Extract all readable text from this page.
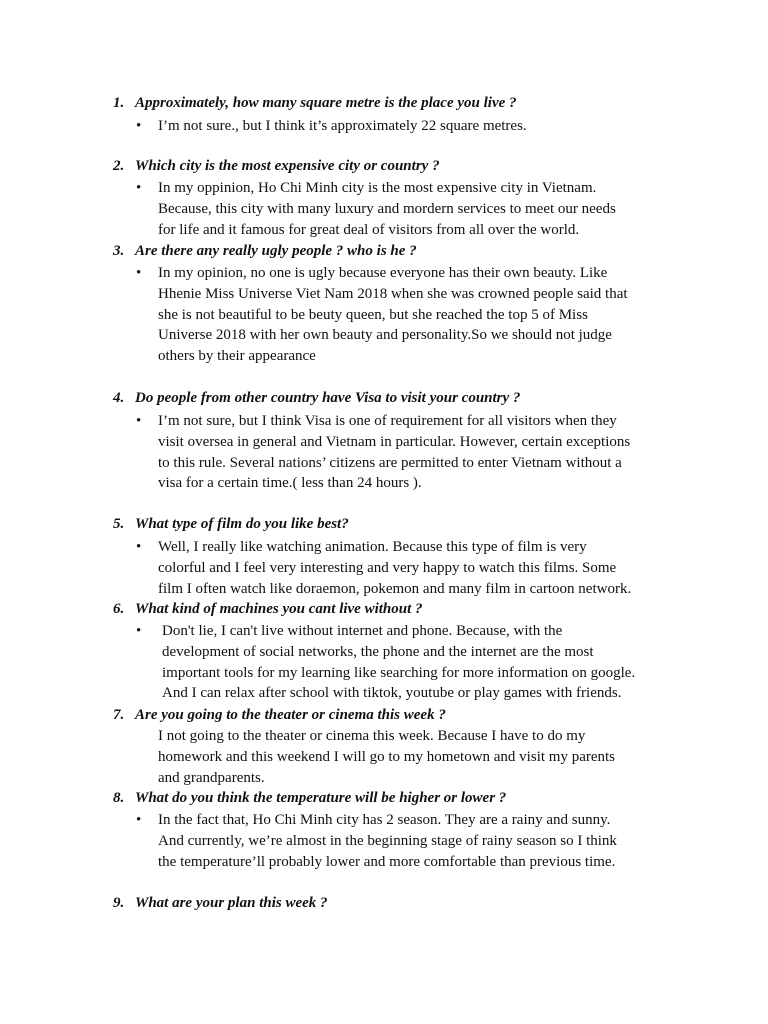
1. Approximately, how many square metre is the place you live ?
• I’m not sure., but I think it’s approximately 22 square metres.
2. Which city is the most expensive city or country ?
• In my oppinion, Ho Chi Minh city is the most expensive city in Vietnam.
Because, this city with many luxury and mordern services to meet our needs
for life and it famous for great deal of visitors from all over the world.
3. Are there any really ugly people ? who is he ?
• In my opinion, no one is ugly because everyone has their own beauty. Like
Hhenie Miss Universe Viet Nam 2018 when she was crowned people said that
she is not beautiful to be beuty queen, but she reached the top 5 of Miss
Universe 2018 with her own beauty and personality.So we should not judge
others by their appearance
4. Do people from other country have Visa to visit your country ?
• I’m not sure, but I think Visa is one of requirement for all visitors when they
visit oversea in general and Vietnam in particular. However, certain exceptions
to this rule. Several nations’ citizens are permitted to enter Vietnam without a
visa for a certain time.( less than 24 hours ).
5. What type of film do you like best?
• Well, I really like watching animation. Because this type of film is very
colorful and I feel very interesting and very happy to watch this films. Some
film I often watch like doraemon, pokemon and many film in cartoon network.
6. What kind of machines you cant live without ?
• Don't lie, I can't live without internet and phone. Because, with the
development of social networks, the phone and the internet are the most
important tools for my learning like searching for more information on google.
And I can relax after school with tiktok, youtube or play games with friends.
7. Are you going to the theater or cinema this week ?
I not going to the theater or cinema this week. Because I have to do my
homework and this weekend I will go to my hometown and visit my parents
and grandparents.
8. What do you think the temperature will be higher or lower ?
• In the fact that, Ho Chi Minh city has 2 season. They are a rainy and sunny.
And currently, we’re almost in the beginning stage of rainy season so I think
the temperature’ll probably lower and more comfortable than previous time.
9. What are your plan this week ?
